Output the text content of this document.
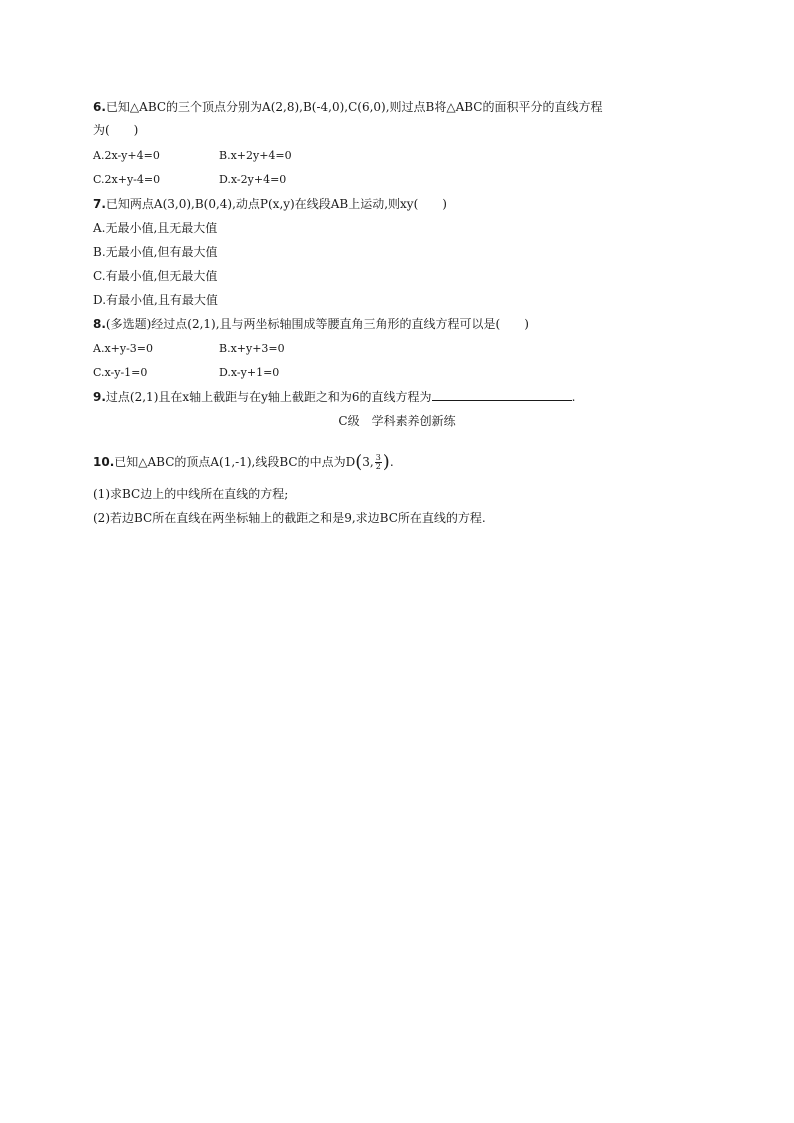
6.已知△ABC的三个顶点分别为A(2,8),B(-4,0),C(6,0),则过点B将△ABC的面积平分的直线方程
为(　　)
A.2x-y+4=0	B.x+2y+4=0
C.2x+y-4=0	D.x-2y+4=0
7.已知两点A(3,0),B(0,4),动点P(x,y)在线段AB上运动,则xy(　　)
A.无最小值,且无最大值
B.无最小值,但有最大值
C.有最小值,但无最大值
D.有最小值,且有最大值
8.(多选题)经过点(2,1),且与两坐标轴围成等腰直角三角形的直线方程可以是(　　)
A.x+y-3=0	B.x+y+3=0
C.x-y-1=0	D.x-y+1=0
9.过点(2,1)且在x轴上截距与在y轴上截距之和为6的直线方程为	.
C级　学科素养创新练
10.已知△ABC的顶点A(1,-1),线段BC的中点为D(3, $\frac{3}{2}$ ).
(1)求BC边上的中线所在直线的方程;
(2)若边BC所在直线在两坐标轴上的截距之和是9,求边BC所在直线的方程.
